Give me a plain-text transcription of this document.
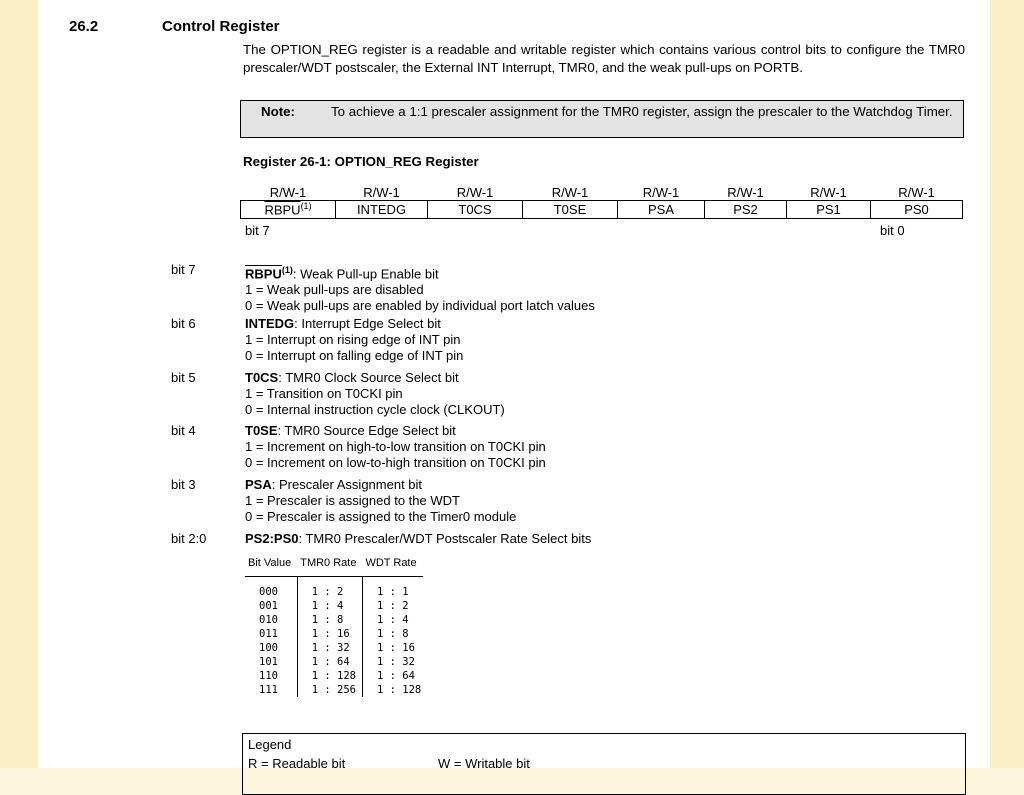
26.2	Control Register
The OPTION_REG register is a readable and writable register which contains various control bits to configure the TMR0 prescaler/WDT postscaler, the External INT Interrupt, TMR0, and the weak pull-ups on PORTB.
Note:	To achieve a 1:1 prescaler assignment for the TMR0 register, assign the prescaler to the Watchdog Timer.
Register 26-1: OPTION_REG Register
R/W-1	R/W-1	R/W-1	R/W-1	R/W-1	R/W-1	R/W-1	R/W-1
RBPU$^{(1)}$	INTEDG	T0CS	T0SE	PSA	PS2	PS1	PS0
bit 7	bit 0
bit 7	RBPU$^{(1)}$: Weak Pull-up Enable bit
1 = Weak pull-ups are disabled
0 = Weak pull-ups are enabled by individual port latch values
bit 6	INTEDG: Interrupt Edge Select bit
1 = Interrupt on rising edge of INT pin
0 = Interrupt on falling edge of INT pin
bit 5	T0CS: TMR0 Clock Source Select bit
1 = Transition on T0CKI pin
0 = Internal instruction cycle clock (CLKOUT)
bit 4	T0SE: TMR0 Source Edge Select bit
1 = Increment on high-to-low transition on T0CKI pin
0 = Increment on low-to-high transition on T0CKI pin
bit 3	PSA: Prescaler Assignment bit
1 = Prescaler is assigned to the WDT
0 = Prescaler is assigned to the Timer0 module
bit 2:0	PS2:PS0: TMR0 Prescaler/WDT Postscaler Rate Select bits
Bit Value	TMR0 Rate	WDT Rate
000	1 : 2	1 : 1
001	1 : 4	1 : 2
010	1 : 8	1 : 4
011	1 : 16	1 : 8
100	1 : 32	1 : 16
101	1 : 64	1 : 32
110	1 : 128	1 : 64
111	1 : 256	1 : 128
Legend
R = Readable bit	W = Writable bit
